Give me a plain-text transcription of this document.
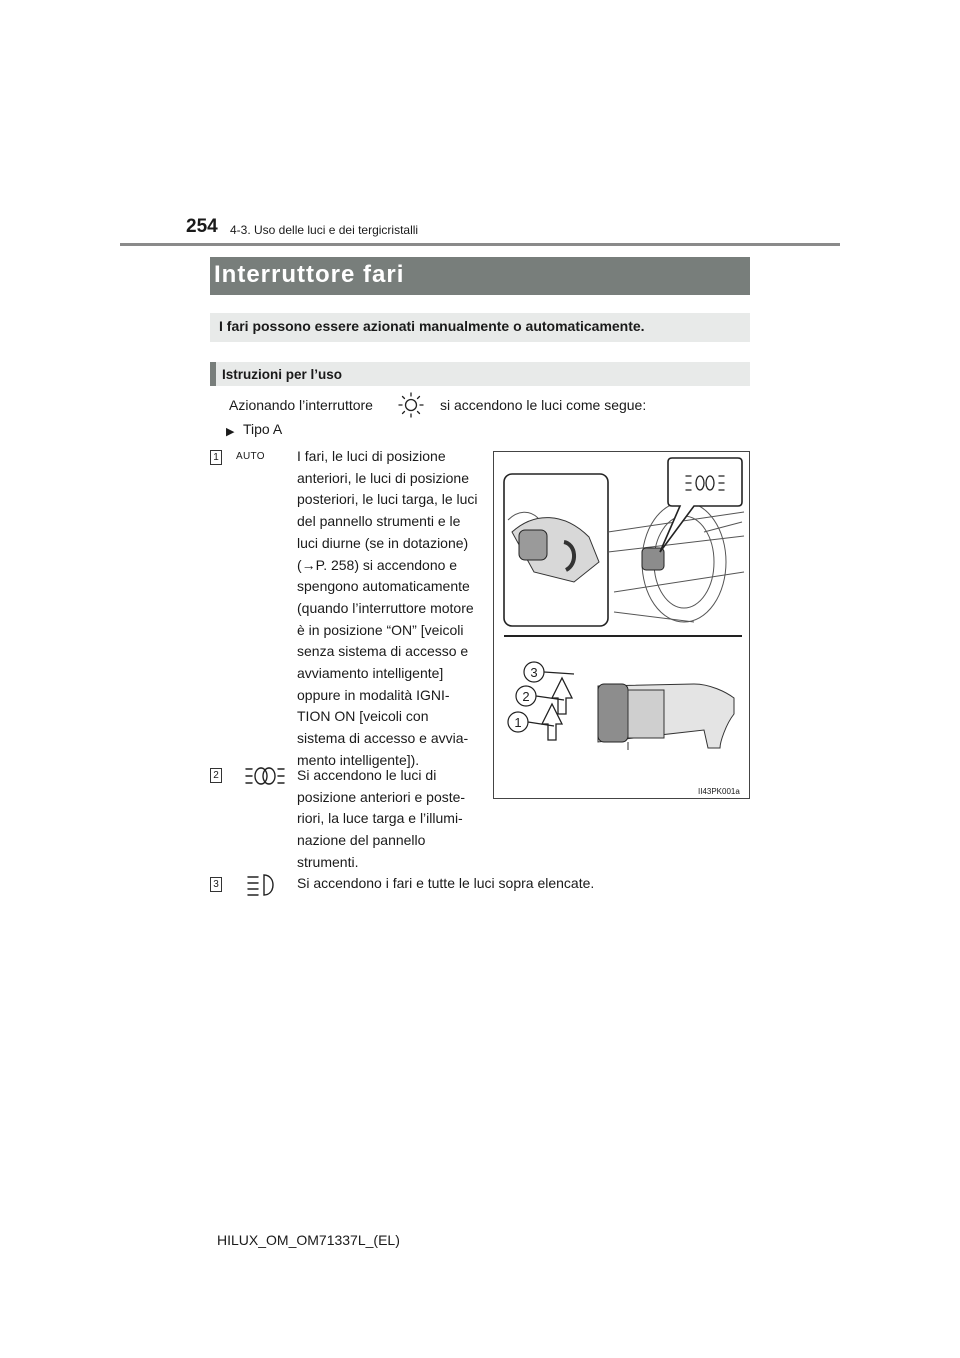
254 4-3. Uso delle luci e dei tergicristalli
Interruttore fari
I fari possono essere azionati manualmente o automaticamente.
Istruzioni per l’uso
Azionando l’interruttore	si accendono le luci come segue:
▶ Tipo A
1	AUTO I fari, le luci di posizione
anteriori, le luci di posizione
posteriori, le luci targa, le luci
del pannello strumenti e le
luci diurne (se in dotazione)
(→P. 258) si accendono e
spengono automaticamente
(quando l’interruttore motore
è in posizione “ON” [veicoli
senza sistema di accesso e
avviamento intelligente]
oppure in modalità IGNI-
TION ON [veicoli con
sistema di accesso e avvia-
mento intelligente]).
2	Si accendono le luci di
posizione anteriori e poste-
riori, la luce targa e l’illumi-
nazione del pannello
strumenti.
3	Si accendono i fari e tutte le luci sopra elencate.
3
2
1
II43PK001a
HILUX_OM_OM71337L_(EL)
